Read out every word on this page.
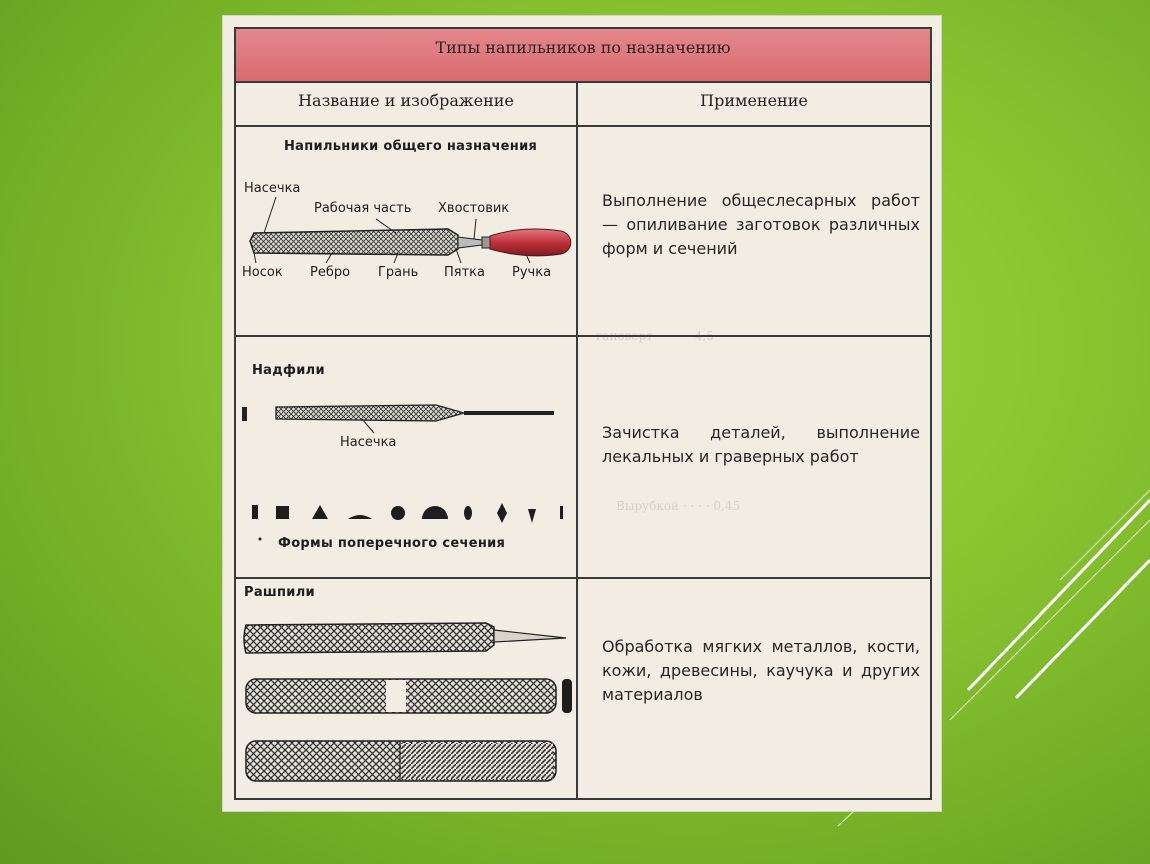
Типы напильников по назначению
Название и изображение	Применение
гановерт · · · · · 4,5
Вырубкой · · · · 0,45
Напильники общего назначения
Насечка
Рабочая часть Хвостовик
Носок Ребро Грань Пятка Ручка
Выполнение общеслесарных работ — опиливание заготовок различных форм и сечений
Надфили
Насечка
Формы поперечного сечения
Зачистка деталей, выполнение лекальных и граверных работ
Рашпили
Обработка мягких металлов, кости, кожи, древесины, каучука и других материалов
